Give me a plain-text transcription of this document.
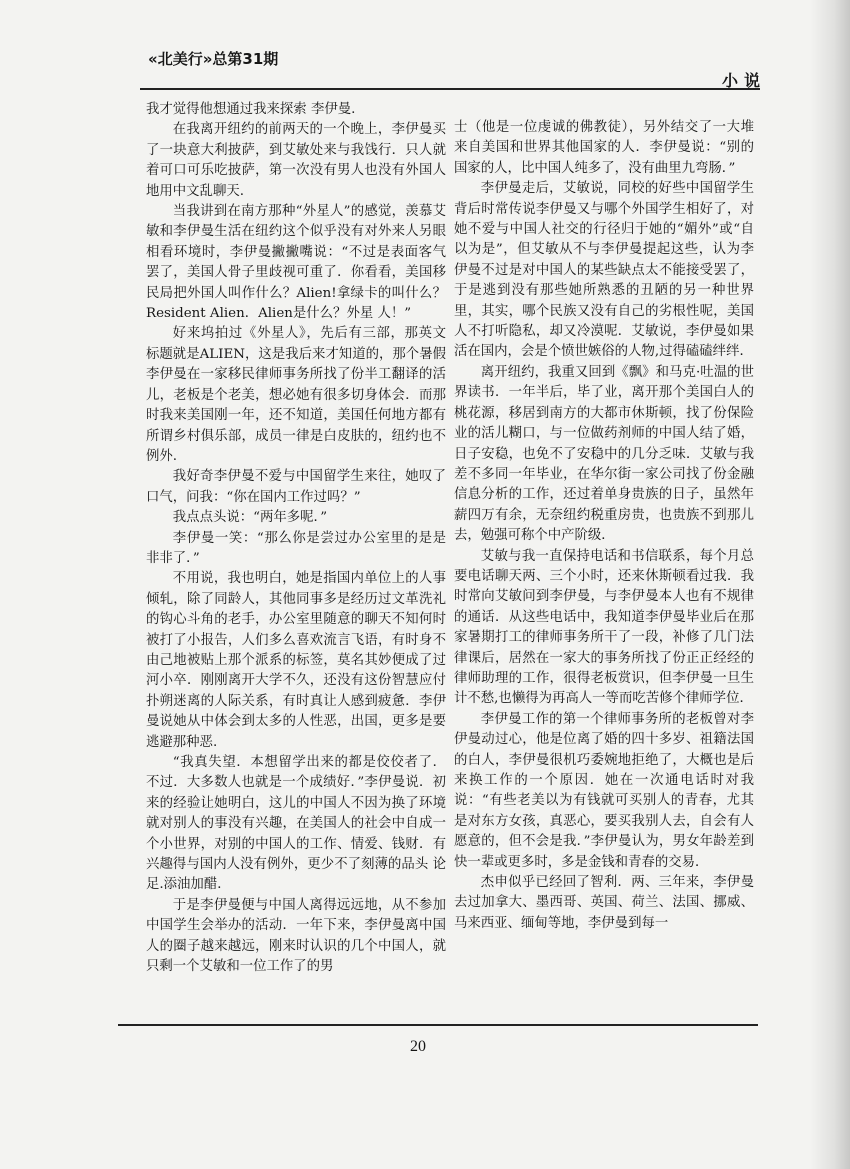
«北美行»总第31期
小说

我才觉得他想通过我来探索 李伊曼.

在我离开纽约的前两天的一个晚上，李伊曼买了一块意大利披萨，到艾敏处来与我饯行．只人就着可口可乐吃披萨，第一次没有男人也没有外国人 地用中文乱聊天.

当我讲到在南方那种“外星人”的感觉，羡慕艾敏和李伊曼生活在纽约这个似乎没有对外来人另眼相看环境时，李伊曼撇撇嘴说：“不过是表面客气罢了，美国人骨子里歧视可重了．你看看，美国移民局把外国人叫作什么？Alien!拿绿卡的叫什么？Resident Alien．Alien是什么？外星 人！”

好来坞拍过《外星人》，先后有三部，那英文标题就是ALIEN，这是我后来才知道的，那个暑假李伊曼在一家移民律师事务所找了份半工翻译的活儿，老板是个老美，想必她有很多切身体会．而那时我来美国刚一年，还不知道，美国任何地方都有所谓乡村俱乐部，成员一律是白皮肤的，纽约也不 例外.

我好奇李伊曼不爱与中国留学生来往，她叹了口气，问我：“你在国内工作过吗？”

我点点头说：“两年多呢．”

李伊曼一笑：“那么你是尝过办公室里的是是非非了．”

不用说，我也明白，她是指国内单位上的人事倾轧，除了同龄人，其他同事多是经历过文革洗礼的钩心斗角的老手，办公室里随意的聊天不知何时被打了小报告，人们多么喜欢流言飞语，有时身不由己地被贴上那个派系的标签，莫名其妙便成了过河小卒．刚刚离开大学不久，还没有这份智慧应付扑朔迷离的人际关系，有时真让人感到疲惫．李伊曼说她从中体会到太多的人性恶，出国，更多是要逃避那种恶.

“我真失望．本想留学出来的都是佼佼者了．不过．大多数人也就是一个成绩好．”李伊曼说．初来的经验让她明白，这儿的中国人不因为换了环境就对别人的事没有兴趣，在美国人的社会中自成一个小世界，对别的中国人的工作、情爱、钱财．有兴趣得与国内人没有例外，更少不了刻薄的品头 论足.添油加醋．

于是李伊曼便与中国人离得远远地，从不参加中国学生会举办的活动．一年下来，李伊曼离中国人的圈子越来越远，刚来时认识的几个中国人，就只剩一个艾敏和一位工作了的男

士（他是一位虔诚的佛教徒），另外结交了一大堆来自美国和世界其他国家的人．李伊曼说：“别的国家的人，比中国人纯多了，没有曲里九弯肠．”

李伊曼走后，艾敏说，同校的好些中国留学生背后时常传说李伊曼又与哪个外国学生相好了，对她不爱与中国人社交的行径归于她的“媚外”或“自以为是”，但艾敏从不与李伊曼提起这些，认为李伊曼不过是对中国人的某些缺点太不能接受罢了，于是逃到没有那些她所熟悉的丑陋的另一种世界里，其实，哪个民族又没有自己的劣根性呢，美国人不打听隐私，却又冷漠呢．艾敏说，李伊曼如果活在国内，会是个愤世嫉俗的人物,过得磕磕绊绊．

离开纽约，我重又回到《飘》和马克·吐温的世界读书．一年半后，毕了业，离开那个美国白人的桃花源，移居到南方的大都市休斯顿，找了份保险业的活儿糊口，与一位做药剂师的中国人结了婚，日子安稳，也免不了安稳中的几分乏味．艾敏与我差不多同一年毕业，在华尔街一家公司找了份金融信息分析的工作，还过着单身贵族的日子，虽然年薪四万有余，无奈纽约税重房贵，也贵族不到那儿去，勉强可称个中产阶级．

艾敏与我一直保持电话和书信联系，每个月总要电话聊天两、三个小时，还来休斯顿看过我．我时常向艾敏问到李伊曼，与李伊曼本人也有不规律的通话．从这些电话中，我知道李伊曼毕业后在那家暑期打工的律师事务所干了一段，补修了几门法律课后，居然在一家大的事务所找了份正正经经的律师助理的工作，很得老板赏识，但李伊曼一旦生计不愁,也懒得为再高人一等而吃苦修个律师学位．

李伊曼工作的第一个律师事务所的老板曾对李伊曼动过心，他是位离了婚的四十多岁、祖籍法国的白人，李伊曼很机巧委婉地拒绝了，大概也是后来换工作的一个原因．她在一次通电话时对我说：“有些老美以为有钱就可买别人的青春，尤其是对东方女孩，真恶心，要买我别人去，自会有人愿意的，但不会是我．”李伊曼认为，男女年龄差到快一辈或更多时，多是金钱和青春的交易．

杰申似乎已经回了智利．两、三年来，李伊曼去过加拿大、墨西哥、英国、荷兰、法国、挪威、马来西亚、缅甸等地，李伊曼到每一

20
